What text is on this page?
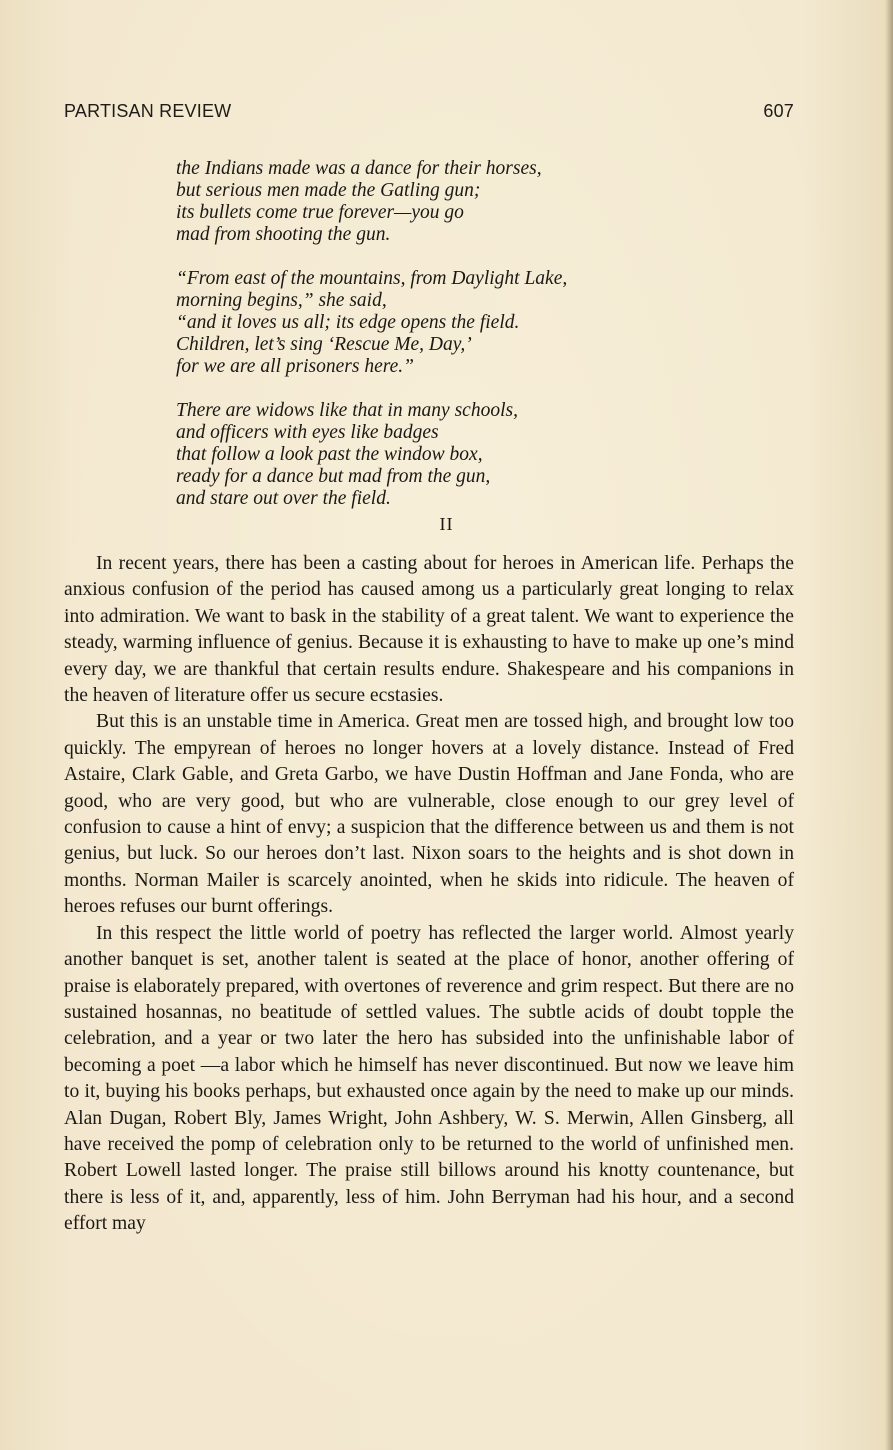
PARTISAN REVIEW	607
the Indians made was a dance for their horses,
but serious men made the Gatling gun;
its bullets come true forever—you go
mad from shooting the gun.
“From east of the mountains, from Daylight Lake,
morning begins,” she said,
“and it loves us all; its edge opens the field.
Children, let’s sing ‘Rescue Me, Day,’
for we are all prisoners here.”
There are widows like that in many schools,
and officers with eyes like badges
that follow a look past the window box,
ready for a dance but mad from the gun,
and stare out over the field.
II

In recent years, there has been a casting about for heroes in American life. Perhaps the anxious confusion of the period has caused among us a particularly great longing to relax into admiration. We want to bask in the stability of a great talent. We want to experience the steady, warming influence of genius. Because it is exhausting to have to make up one’s mind every day, we are thankful that certain results endure. Shakespeare and his companions in the heaven of literature offer us secure ecstasies.

But this is an unstable time in America. Great men are tossed high, and brought low too quickly. The empyrean of heroes no longer hovers at a lovely distance. Instead of Fred Astaire, Clark Gable, and Greta Garbo, we have Dustin Hoffman and Jane Fonda, who are good, who are very good, but who are vulnerable, close enough to our grey level of confusion to cause a hint of envy; a suspicion that the difference between us and them is not genius, but luck. So our heroes don’t last. Nixon soars to the heights and is shot down in months. Norman Mailer is scarcely anointed, when he skids into ridicule. The heaven of heroes refuses our burnt offerings.

In this respect the little world of poetry has reflected the larger world. Almost yearly another banquet is set, another talent is seated at the place of honor, another offering of praise is elaborately prepared, with overtones of reverence and grim respect. But there are no sustained hosannas, no beatitude of settled values. The subtle acids of doubt topple the celebration, and a year or two later the hero has subsided into the unfinishable labor of becoming a poet —a labor which he himself has never discontinued. But now we leave him to it, buying his books perhaps, but exhausted once again by the need to make up our minds. Alan Dugan, Robert Bly, James Wright, John Ashbery, W. S. Merwin, Allen Ginsberg, all have received the pomp of celebration only to be returned to the world of unfinished men. Robert Lowell lasted longer. The praise still billows around his knotty countenance, but there is less of it, and, apparently, less of him. John Berryman had his hour, and a second effort may
